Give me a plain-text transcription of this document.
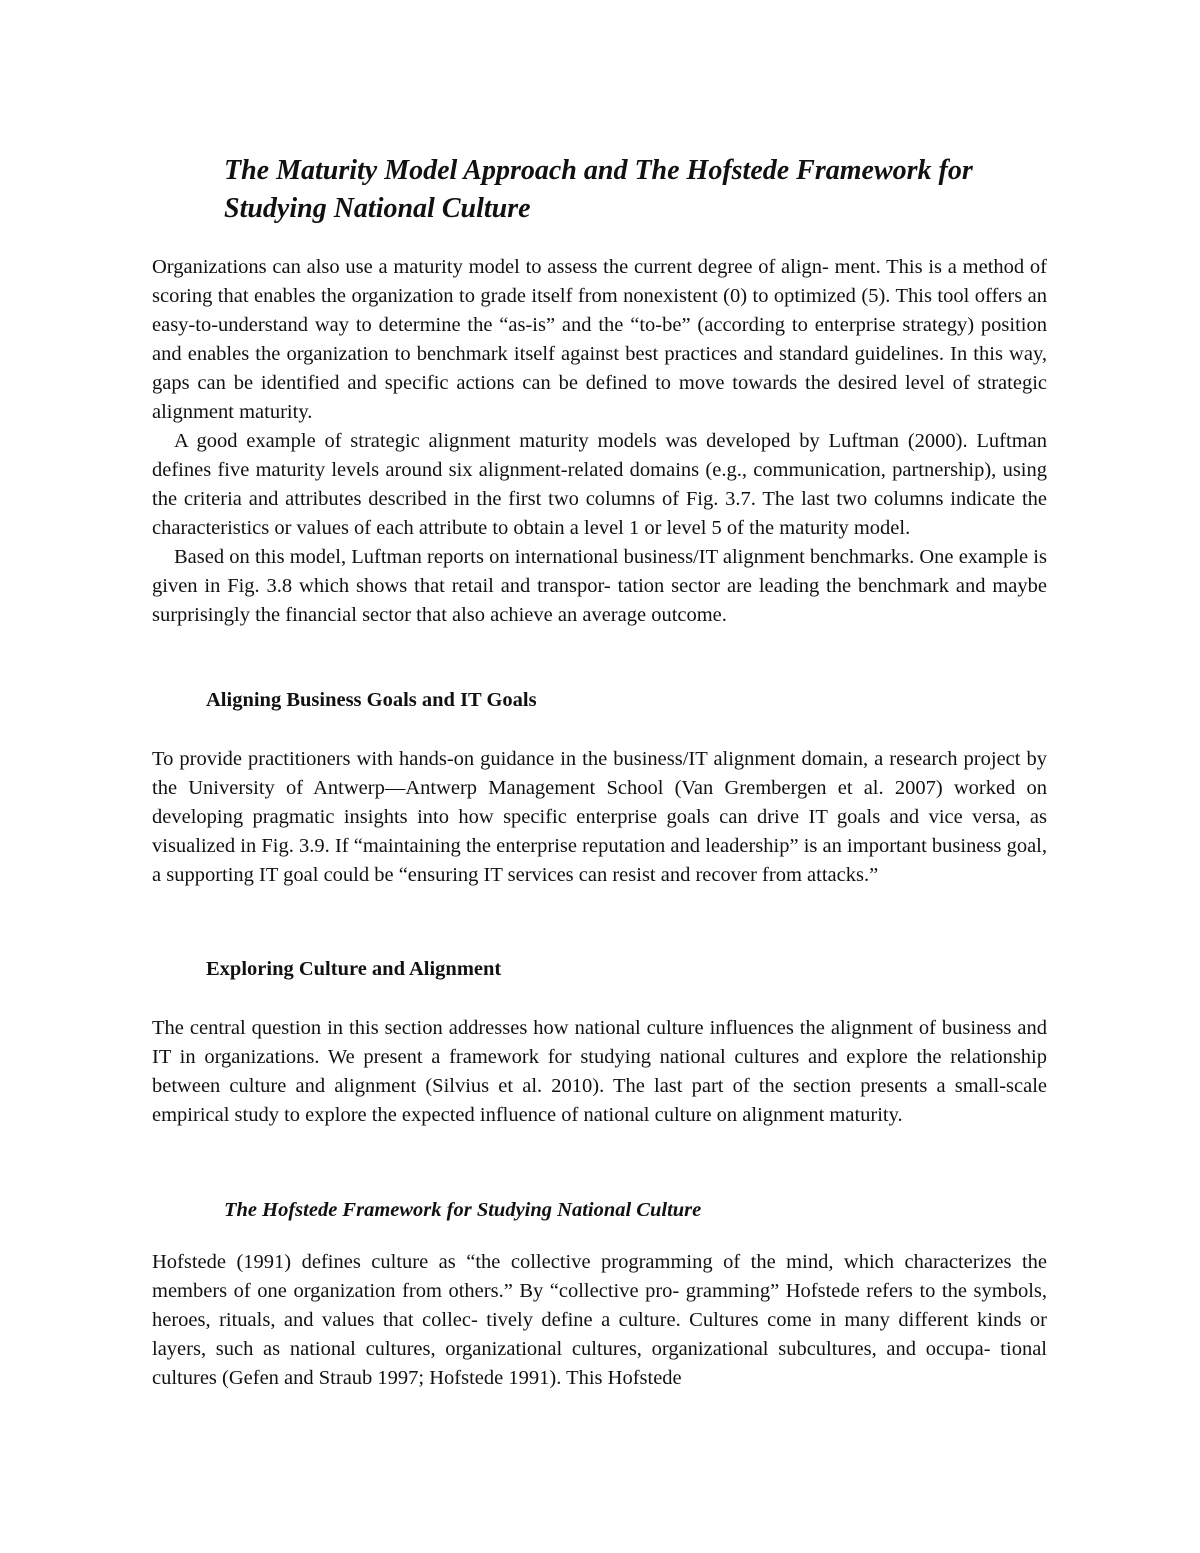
The Maturity Model Approach and The Hofstede Framework for Studying National Culture

Organizations can also use a maturity model to assess the current degree of align- ment. This is a method of scoring that enables the organization to grade itself from nonexistent (0) to optimized (5). This tool offers an easy-to-understand way to determine the “as-is” and the “to-be” (according to enterprise strategy) position and enables the organization to benchmark itself against best practices and standard guidelines. In this way, gaps can be identified and specific actions can be defined to move towards the desired level of strategic alignment maturity.

A good example of strategic alignment maturity models was developed by Luftman (2000). Luftman defines five maturity levels around six alignment-related domains (e.g., communication, partnership), using the criteria and attributes described in the first two columns of Fig. 3.7. The last two columns indicate the characteristics or values of each attribute to obtain a level 1 or level 5 of the maturity model.

Based on this model, Luftman reports on international business/IT alignment benchmarks. One example is given in Fig. 3.8 which shows that retail and transpor- tation sector are leading the benchmark and maybe surprisingly the financial sector that also achieve an average outcome.

Aligning Business Goals and IT Goals

To provide practitioners with hands-on guidance in the business/IT alignment domain, a research project by the University of Antwerp—Antwerp Management School (Van Grembergen et al. 2007) worked on developing pragmatic insights into how specific enterprise goals can drive IT goals and vice versa, as visualized in Fig. 3.9. If “maintaining the enterprise reputation and leadership” is an important business goal, a supporting IT goal could be “ensuring IT services can resist and recover from attacks.”

Exploring Culture and Alignment

The central question in this section addresses how national culture influences the alignment of business and IT in organizations. We present a framework for studying national cultures and explore the relationship between culture and alignment (Silvius et al. 2010). The last part of the section presents a small-scale empirical study to explore the expected influence of national culture on alignment maturity.

The Hofstede Framework for Studying National Culture

Hofstede (1991) defines culture as “the collective programming of the mind, which characterizes the members of one organization from others.” By “collective pro- gramming” Hofstede refers to the symbols, heroes, rituals, and values that collec- tively define a culture. Cultures come in many different kinds or layers, such as national cultures, organizational cultures, organizational subcultures, and occupa- tional cultures (Gefen and Straub 1997; Hofstede 1991). This Hofstede
